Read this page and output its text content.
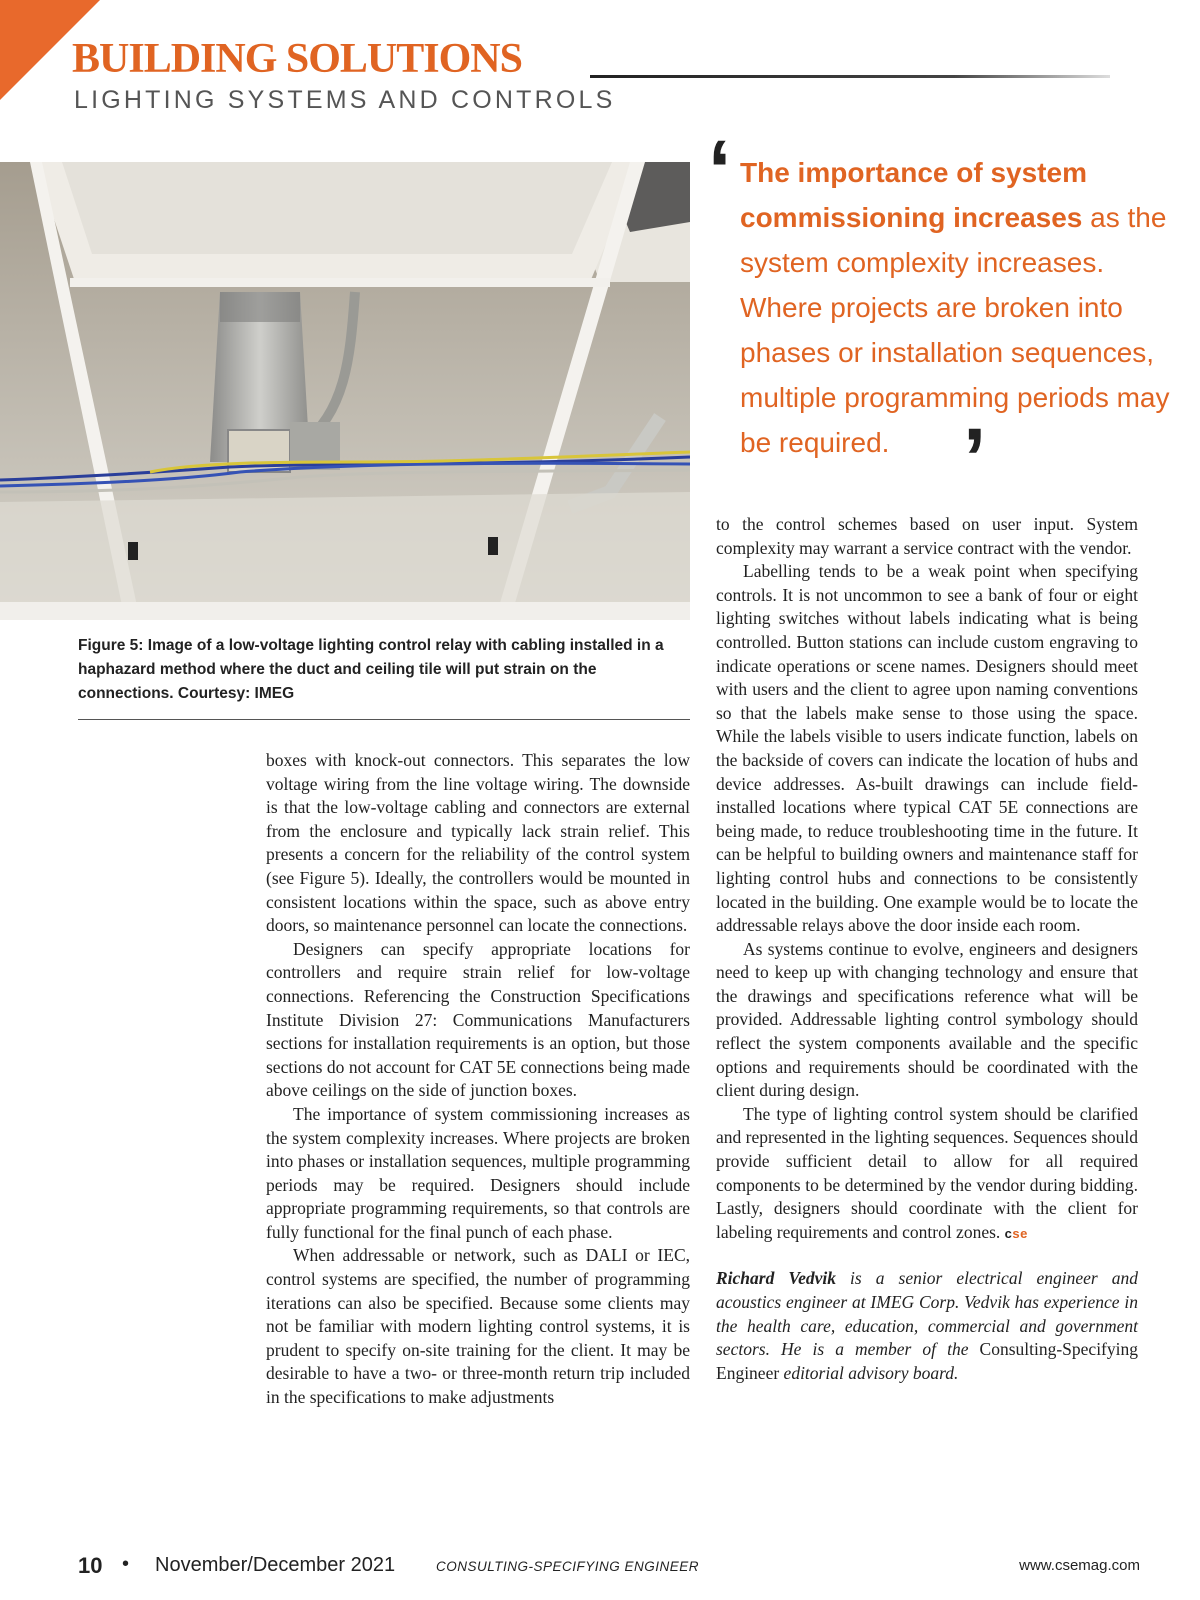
BUILDING SOLUTIONS
LIGHTING SYSTEMS AND CONTROLS
Figure 5: Image of a low-voltage lighting control relay with cabling installed in a haphazard method where the duct and ceiling tile will put strain on the connections. Courtesy: IMEG
‘ The importance of system commissioning increases as the system complexity increases. Where projects are broken into phases or installation sequences, multiple programming periods may be required. ’

boxes with knock-out connectors. This separates the low voltage wiring from the line voltage wiring. The downside is that the low-voltage cabling and connectors are external from the enclosure and typically lack strain relief. This presents a concern for the reliability of the control system (see Figure 5). Ideally, the controllers would be mounted in consistent locations within the space, such as above entry doors, so maintenance personnel can locate the connections.

Designers can specify appropriate locations for controllers and require strain relief for low-voltage connections. Referencing the Construction Specifications Institute Division 27: Communications Manufacturers sections for installation requirements is an option, but those sections do not account for CAT 5E connections being made above ceilings on the side of junction boxes.

The importance of system commissioning increases as the system complexity increases. Where projects are broken into phases or installation sequences, multiple programming periods may be required. Designers should include appropriate programming requirements, so that controls are fully functional for the final punch of each phase.

When addressable or network, such as DALI or IEC, control systems are specified, the number of programming iterations can also be specified. Because some clients may not be familiar with modern lighting control systems, it is prudent to specify on-site training for the client. It may be desirable to have a two- or three-month return trip included in the specifications to make adjustments

to the control schemes based on user input. System complexity may warrant a service contract with the vendor.

Labelling tends to be a weak point when specifying controls. It is not uncommon to see a bank of four or eight lighting switches without labels indicating what is being controlled. Button stations can include custom engraving to indicate operations or scene names. Designers should meet with users and the client to agree upon naming conventions so that the labels make sense to those using the space. While the labels visible to users indicate function, labels on the backside of covers can indicate the location of hubs and device addresses. As-built drawings can include field-installed locations where typical CAT 5E connections are being made, to reduce troubleshooting time in the future. It can be helpful to building owners and maintenance staff for lighting control hubs and connections to be consistently located in the building. One example would be to locate the addressable relays above the door inside each room.

As systems continue to evolve, engineers and designers need to keep up with changing technology and ensure that the drawings and specifications reference what will be provided. Addressable lighting control symbology should reflect the system components available and the specific options and requirements should be coordinated with the client during design.

The type of lighting control system should be clarified and represented in the lighting sequences. Sequences should provide sufficient detail to allow for all required components to be determined by the vendor during bidding. Lastly, designers should coordinate with the client for labeling requirements and control zones. cse

Richard Vedvik is a senior electrical engineer and acoustics engineer at IMEG Corp. Vedvik has experience in the health care, education, commercial and government sectors. He is a member of the Consulting-Specifying Engineer editorial advisory board.

10 • November/December 2021	CONSULTING-SPECIFYING ENGINEER	www.csemag.com
